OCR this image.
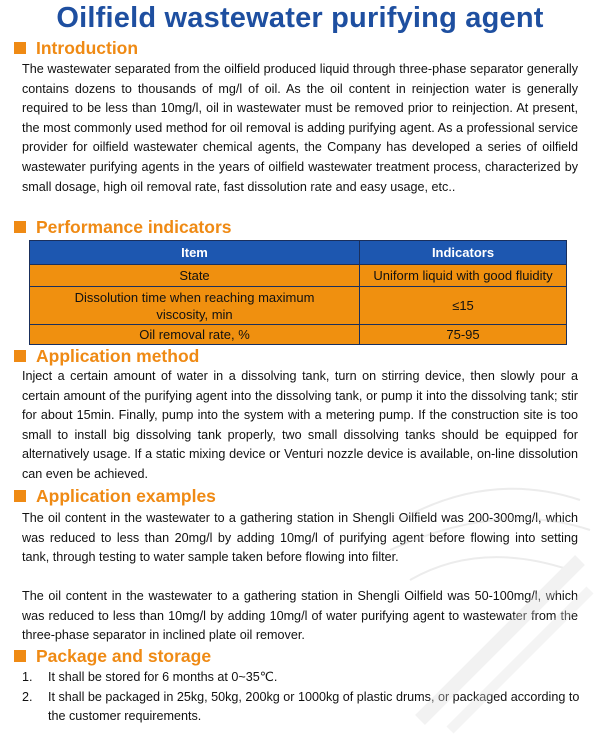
Oilfield wastewater purifying agent
Introduction

The wastewater separated from the oilfield produced liquid through three-phase separator generally contains dozens to thousands of mg/l of oil. As the oil content in reinjection water is generally required to be less than 10mg/l, oil in wastewater must be removed prior to reinjection. At present, the most commonly used method for oil removal is adding purifying agent. As a professional service provider for oilfield wastewater chemical agents, the Company has developed a series of oilfield wastewater purifying agents in the years of oilfield wastewater treatment process, characterized by small dosage, high oil removal rate, fast dissolution rate and easy usage, etc..

Performance indicators
Item	Indicators
State	Uniform liquid with good fluidity
Dissolution time when reaching maximum viscosity, min	≤15
Oil removal rate, %	75-95
Application method

Inject a certain amount of water in a dissolving tank, turn on stirring device, then slowly pour a certain amount of the purifying agent into the dissolving tank, or pump it into the dissolving tank; stir for about 15min. Finally, pump into the system with a metering pump. If the construction site is too small to install big dissolving tank properly, two small dissolving tanks should be equipped for alternatively usage. If a static mixing device or Venturi nozzle device is available, on-line dissolution can even be achieved.

Application examples

The oil content in the wastewater to a gathering station in Shengli Oilfield was 200-300mg/l, which was reduced to less than 20mg/l by adding 10mg/l of purifying agent before flowing into setting tank, through testing to water sample taken before flowing into filter.

The oil content in the wastewater to a gathering station in Shengli Oilfield was 50-100mg/l, which was reduced to less than 10mg/l by adding 10mg/l of water purifying agent to wastewater from the three-phase separator in inclined plate oil remover.

Package and storage
1.	It shall be stored for 6 months at 0~35℃.
2.	It shall be packaged in 25kg, 50kg, 200kg or 1000kg of plastic drums, or packaged according to the customer requirements.
